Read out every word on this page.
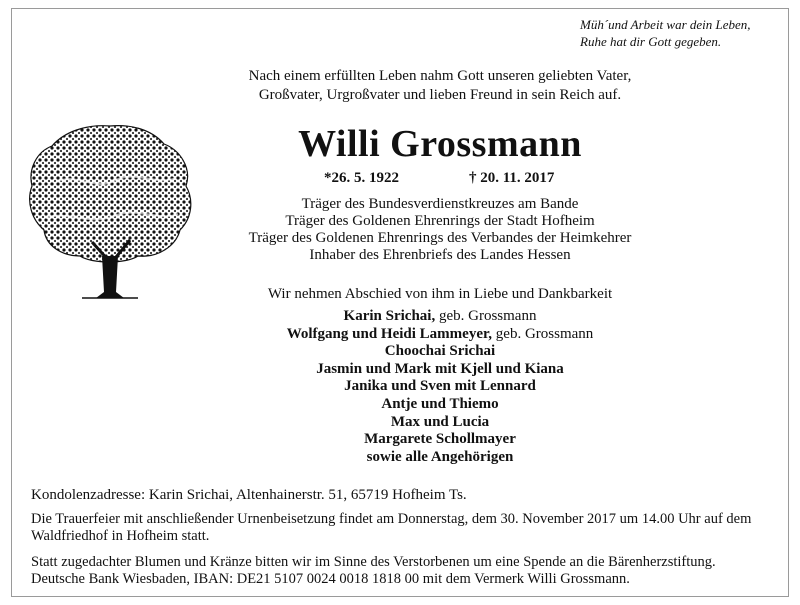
Müh´und Arbeit war dein Leben,
Ruhe hat dir Gott gegeben.
Nach einem erfüllten Leben nahm Gott unseren geliebten Vater,
Großvater, Urgroßvater und lieben Freund in sein Reich auf.
Willi Grossmann
*26. 5. 1922	† 20. 11. 2017
Träger des Bundesverdienstkreuzes am Bande
Träger des Goldenen Ehrenrings der Stadt Hofheim
Träger des Goldenen Ehrenrings des Verbandes der Heimkehrer
Inhaber des Ehrenbriefs des Landes Hessen
Wir nehmen Abschied von ihm in Liebe und Dankbarkeit
Karin Srichai, geb. Grossmann
Wolfgang und Heidi Lammeyer, geb. Grossmann
Choochai Srichai
Jasmin und Mark mit Kjell und Kiana
Janika und Sven mit Lennard
Antje und Thiemo
Max und Lucia
Margarete Schollmayer
sowie alle Angehörigen
Kondolenzadresse: Karin Srichai, Altenhainerstr. 51, 65719 Hofheim Ts.
Die Trauerfeier mit anschließender Urnenbeisetzung findet am Donnerstag, dem 30. November 2017 um 14.00 Uhr auf dem
Waldfriedhof in Hofheim statt.
Statt zugedachter Blumen und Kränze bitten wir im Sinne des Verstorbenen um eine Spende an die Bärenherzstiftung.
Deutsche Bank Wiesbaden, IBAN: DE21 5107 0024 0018 1818 00 mit dem Vermerk Willi Grossmann.
